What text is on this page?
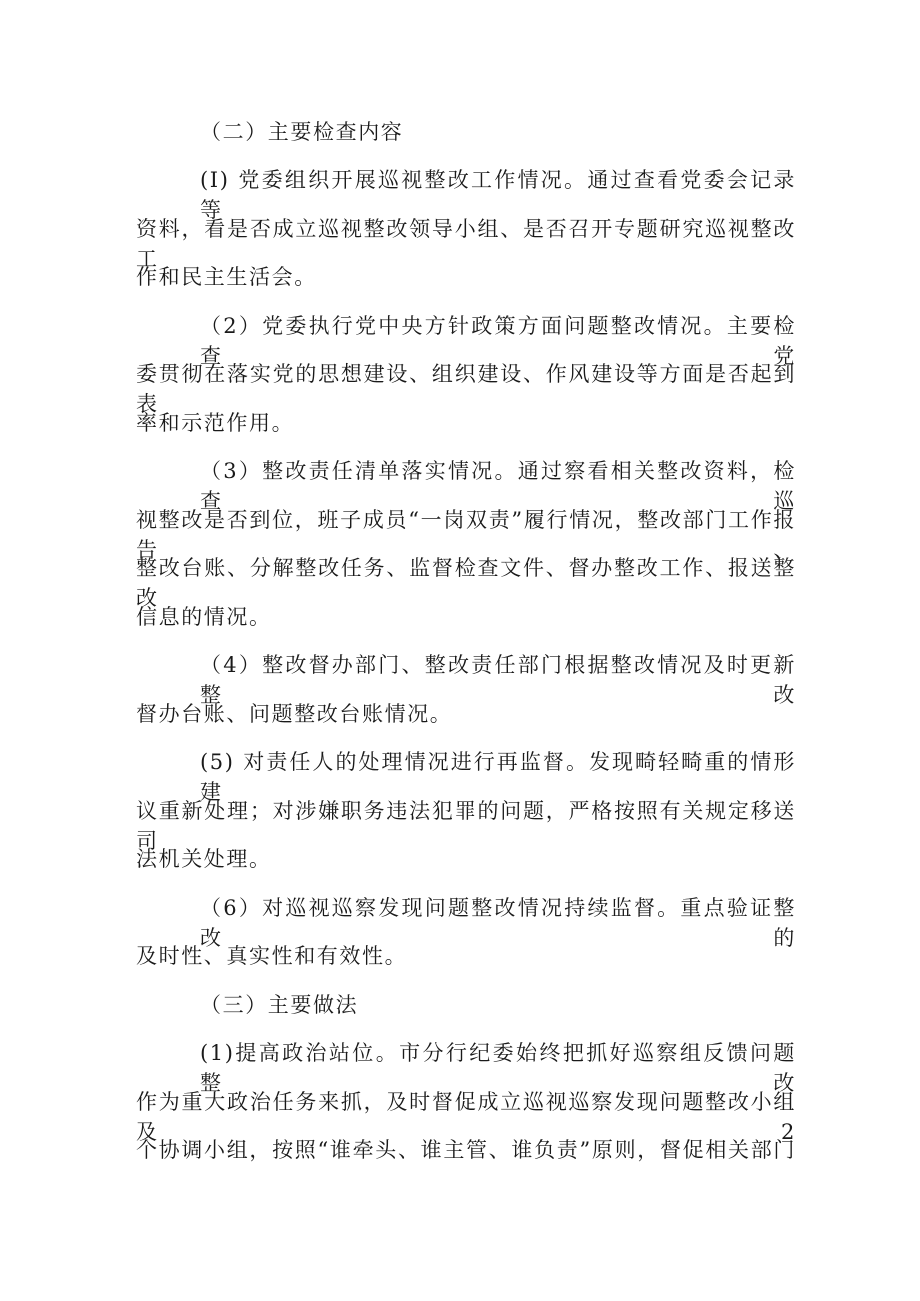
（二）主要检查内容
(I) 党委组织开展巡视整改工作情况。通过查看党委会记录等
资料，看是否成立巡视整改领导小组、是否召开专题研究巡视整改工
作和民主生活会。
（2）党委执行党中央方针政策方面问题整改情况。主要检查党
委贯彻在落实党的思想建设、组织建设、作风建设等方面是否起到表
率和示范作用。
（3）整改责任清单落实情况。通过察看相关整改资料，检查巡
视整改是否到位，班子成员“一岗双责”履行情况，整改部门工作报告、
整改台账、分解整改任务、监督检查文件、督办整改工作、报送整改
信息的情况。
（4）整改督办部门、整改责任部门根据整改情况及时更新整改
督办台账、问题整改台账情况。
(5) 对责任人的处理情况进行再监督。发现畸轻畸重的情形建
议重新处理；对涉嫌职务违法犯罪的问题，严格按照有关规定移送司
法机关处理。
（6）对巡视巡察发现问题整改情况持续监督。重点验证整改的
及时性、真实性和有效性。
（三）主要做法
(1)提高政治站位。市分行纪委始终把抓好巡察组反馈问题整改
作为重大政治任务来抓，及时督促成立巡视巡察发现问题整改小组及2
个协调小组，按照“谁牵头、谁主管、谁负责”原则，督促相关部门
